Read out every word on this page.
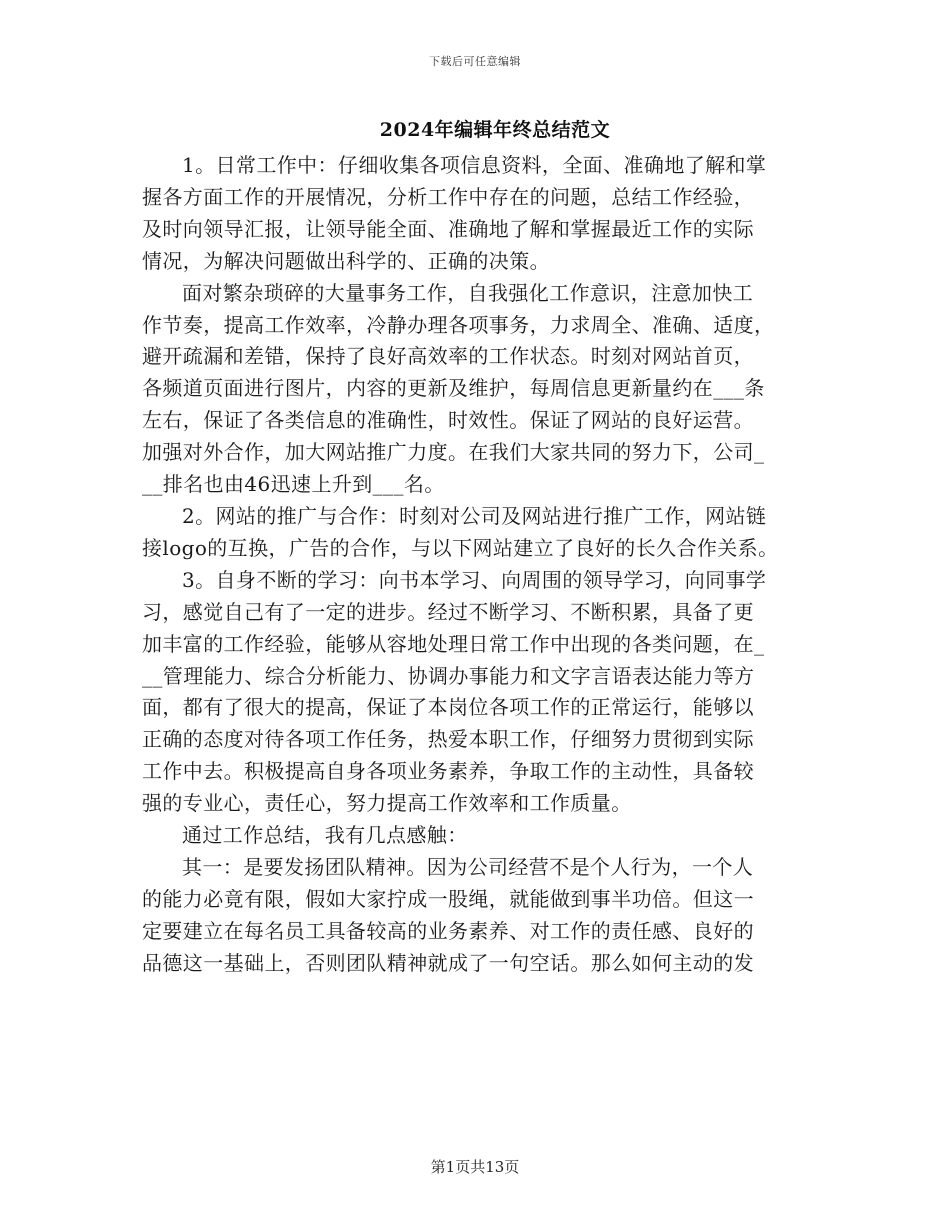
下载后可任意编辑
2024年编辑年终总结范文

1。日常工作中：仔细收集各项信息资料，全面、准确地了解和掌
握各方面工作的开展情况，分析工作中存在的问题，总结工作经验，
及时向领导汇报，让领导能全面、准确地了解和掌握最近工作的实际
情况，为解决问题做出科学的、正确的决策。

面对繁杂琐碎的大量事务工作，自我强化工作意识，注意加快工
作节奏，提高工作效率，冷静办理各项事务，力求周全、准确、适度，
避开疏漏和差错，保持了良好高效率的工作状态。时刻对网站首页，
各频道页面进行图片，内容的更新及维护，每周信息更新量约在___条
左右，保证了各类信息的准确性，时效性。保证了网站的良好运营。
加强对外合作，加大网站推广力度。在我们大家共同的努力下，公司_
__排名也由46迅速上升到___名。

2。网站的推广与合作：时刻对公司及网站进行推广工作，网站链
接logo的互换，广告的合作，与以下网站建立了良好的长久合作关系。

3。自身不断的学习：向书本学习、向周围的领导学习，向同事学
习，感觉自己有了一定的进步。经过不断学习、不断积累，具备了更
加丰富的工作经验，能够从容地处理日常工作中出现的各类问题，在_
__管理能力、综合分析能力、协调办事能力和文字言语表达能力等方
面，都有了很大的提高，保证了本岗位各项工作的正常运行，能够以
正确的态度对待各项工作任务，热爱本职工作，仔细努力贯彻到实际
工作中去。积极提高自身各项业务素养，争取工作的主动性，具备较
强的专业心，责任心，努力提高工作效率和工作质量。

通过工作总结，我有几点感触：

其一：是要发扬团队精神。因为公司经营不是个人行为，一个人
的能力必竟有限，假如大家拧成一股绳，就能做到事半功倍。但这一
定要建立在每名员工具备较高的业务素养、对工作的责任感、良好的
品德这一基础上，否则团队精神就成了一句空话。那么如何主动的发

第1页共13页
